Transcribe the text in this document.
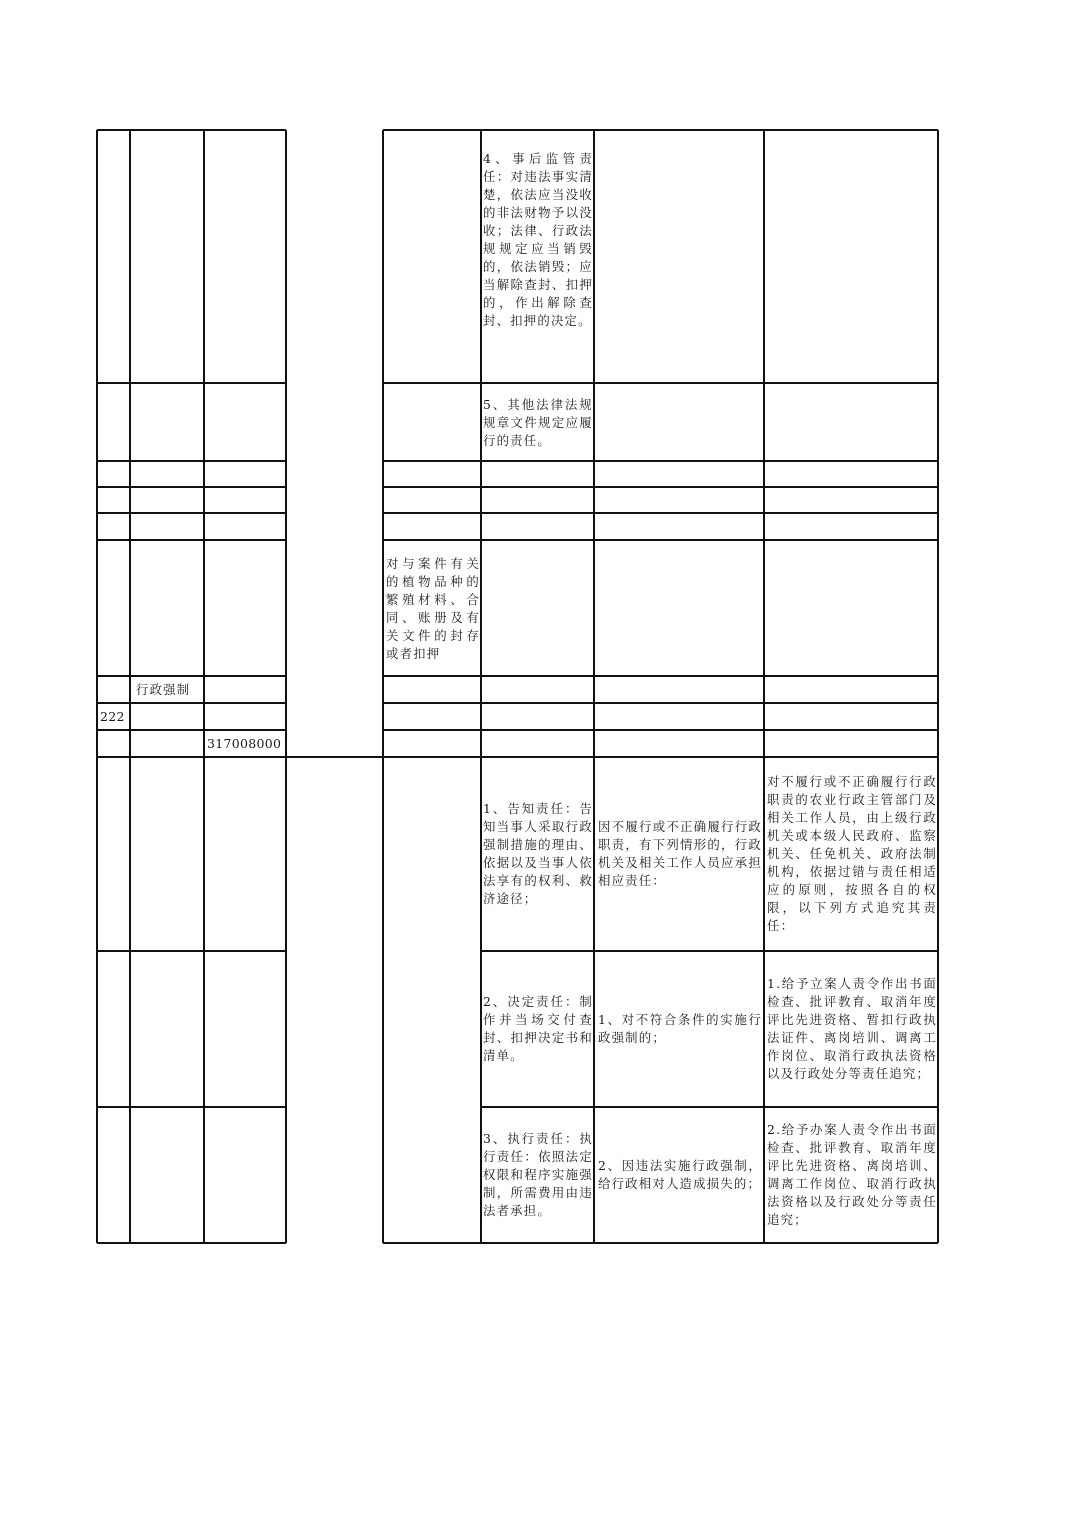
4、事后监管责任：对违法事实清楚，依法应当没收的非法财物予以没收；法律、行政法规规定应当销毁的，依法销毁；应当解除查封、扣押的，作出解除查封、扣押的决定。
5、其他法律法规规章文件规定应履行的责任。
对与案件有关的植物品种的繁殖材料、合同、账册及有关文件的封存或者扣押
行政强制
222
317008000
1、告知责任：告知当事人采取行政强制措施的理由、依据以及当事人依法享有的权利、救济途径；
因不履行或不正确履行行政职责，有下列情形的，行政机关及相关工作人员应承担相应责任：
对不履行或不正确履行行政职责的农业行政主管部门及相关工作人员，由上级行政机关或本级人民政府、监察机关、任免机关、政府法制机构，依据过错与责任相适应的原则，按照各自的权限，以下列方式追究其责任：
2、决定责任：制作并当场交付查封、扣押决定书和清单。
1、对不符合条件的实施行政强制的；
1.给予立案人责令作出书面检查、批评教育、取消年度评比先进资格、暂扣行政执法证件、离岗培训、调离工作岗位、取消行政执法资格以及行政处分等责任追究；
3、执行责任：执行责任：依照法定权限和程序实施强制，所需费用由违法者承担。
2、因违法实施行政强制，给行政相对人造成损失的；
2.给予办案人责令作出书面检查、批评教育、取消年度评比先进资格、离岗培训、调离工作岗位、取消行政执法资格以及行政处分等责任追究；
